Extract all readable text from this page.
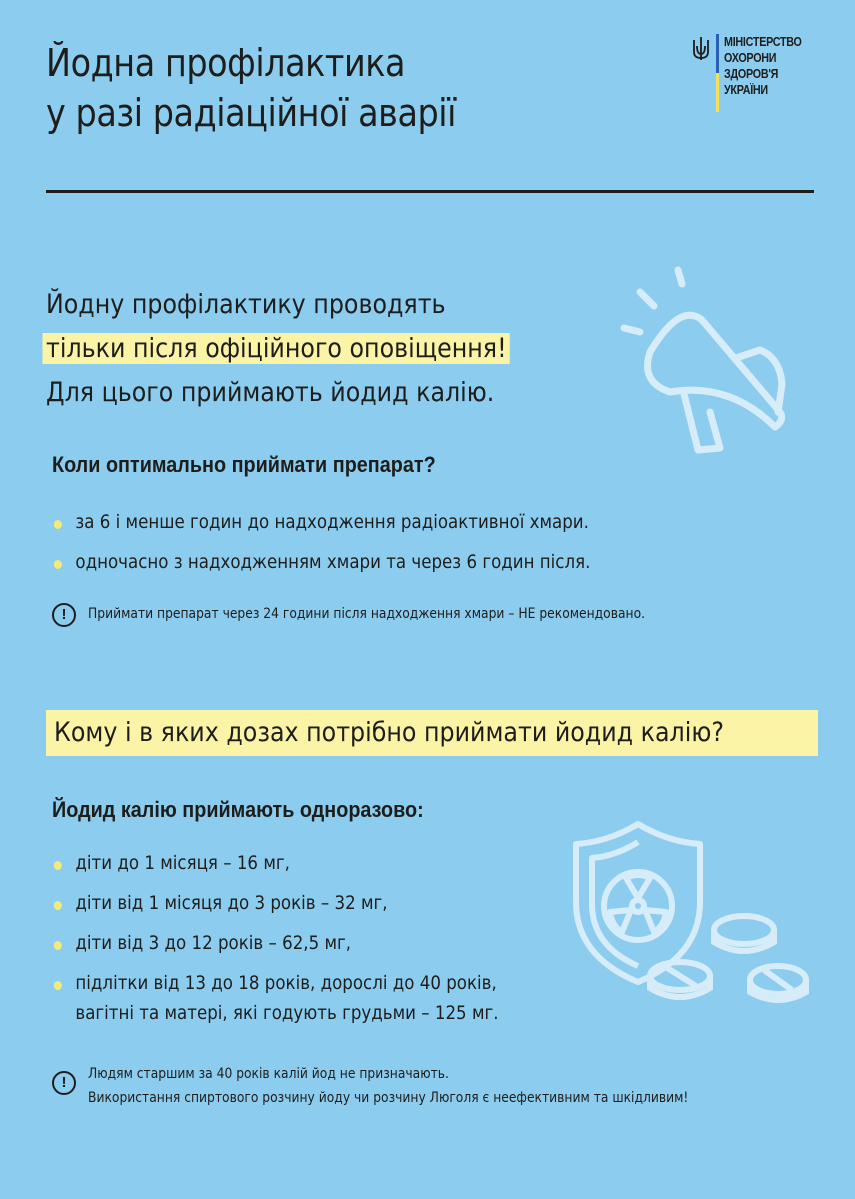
Йодна профілактика
у разі радіаційної аварії
МІНІСТЕРСТВО
ОХОРОНИ
ЗДОРОВ'Я
УКРАЇНИ
Йодну профілактику проводять
тільки після офіційного оповіщення!
Для цього приймають йодид калію.
Коли оптимально приймати препарат?
за 6 і менше годин до надходження радіоактивної хмари.
одночасно з надходженням хмари та через 6 годин після.
!	Приймати препарат через 24 години після надходження хмари – НЕ рекомендовано.
Кому і в яких дозах потрібно приймати йодид калію?
Йодид калію приймають одноразово:
діти до 1 місяця – 16 мг,
діти від 1 місяця до 3 років – 32 мг,
діти від 3 до 12 років – 62,5 мг,
підлітки від 13 до 18 років, дорослі до 40 років,
вагітні та матері, які годують грудьми – 125 мг.
!	Людям старшим за 40 років калій йод не призначають.
Використання спиртового розчину йоду чи розчину Люголя є неефективним та шкідливим!
